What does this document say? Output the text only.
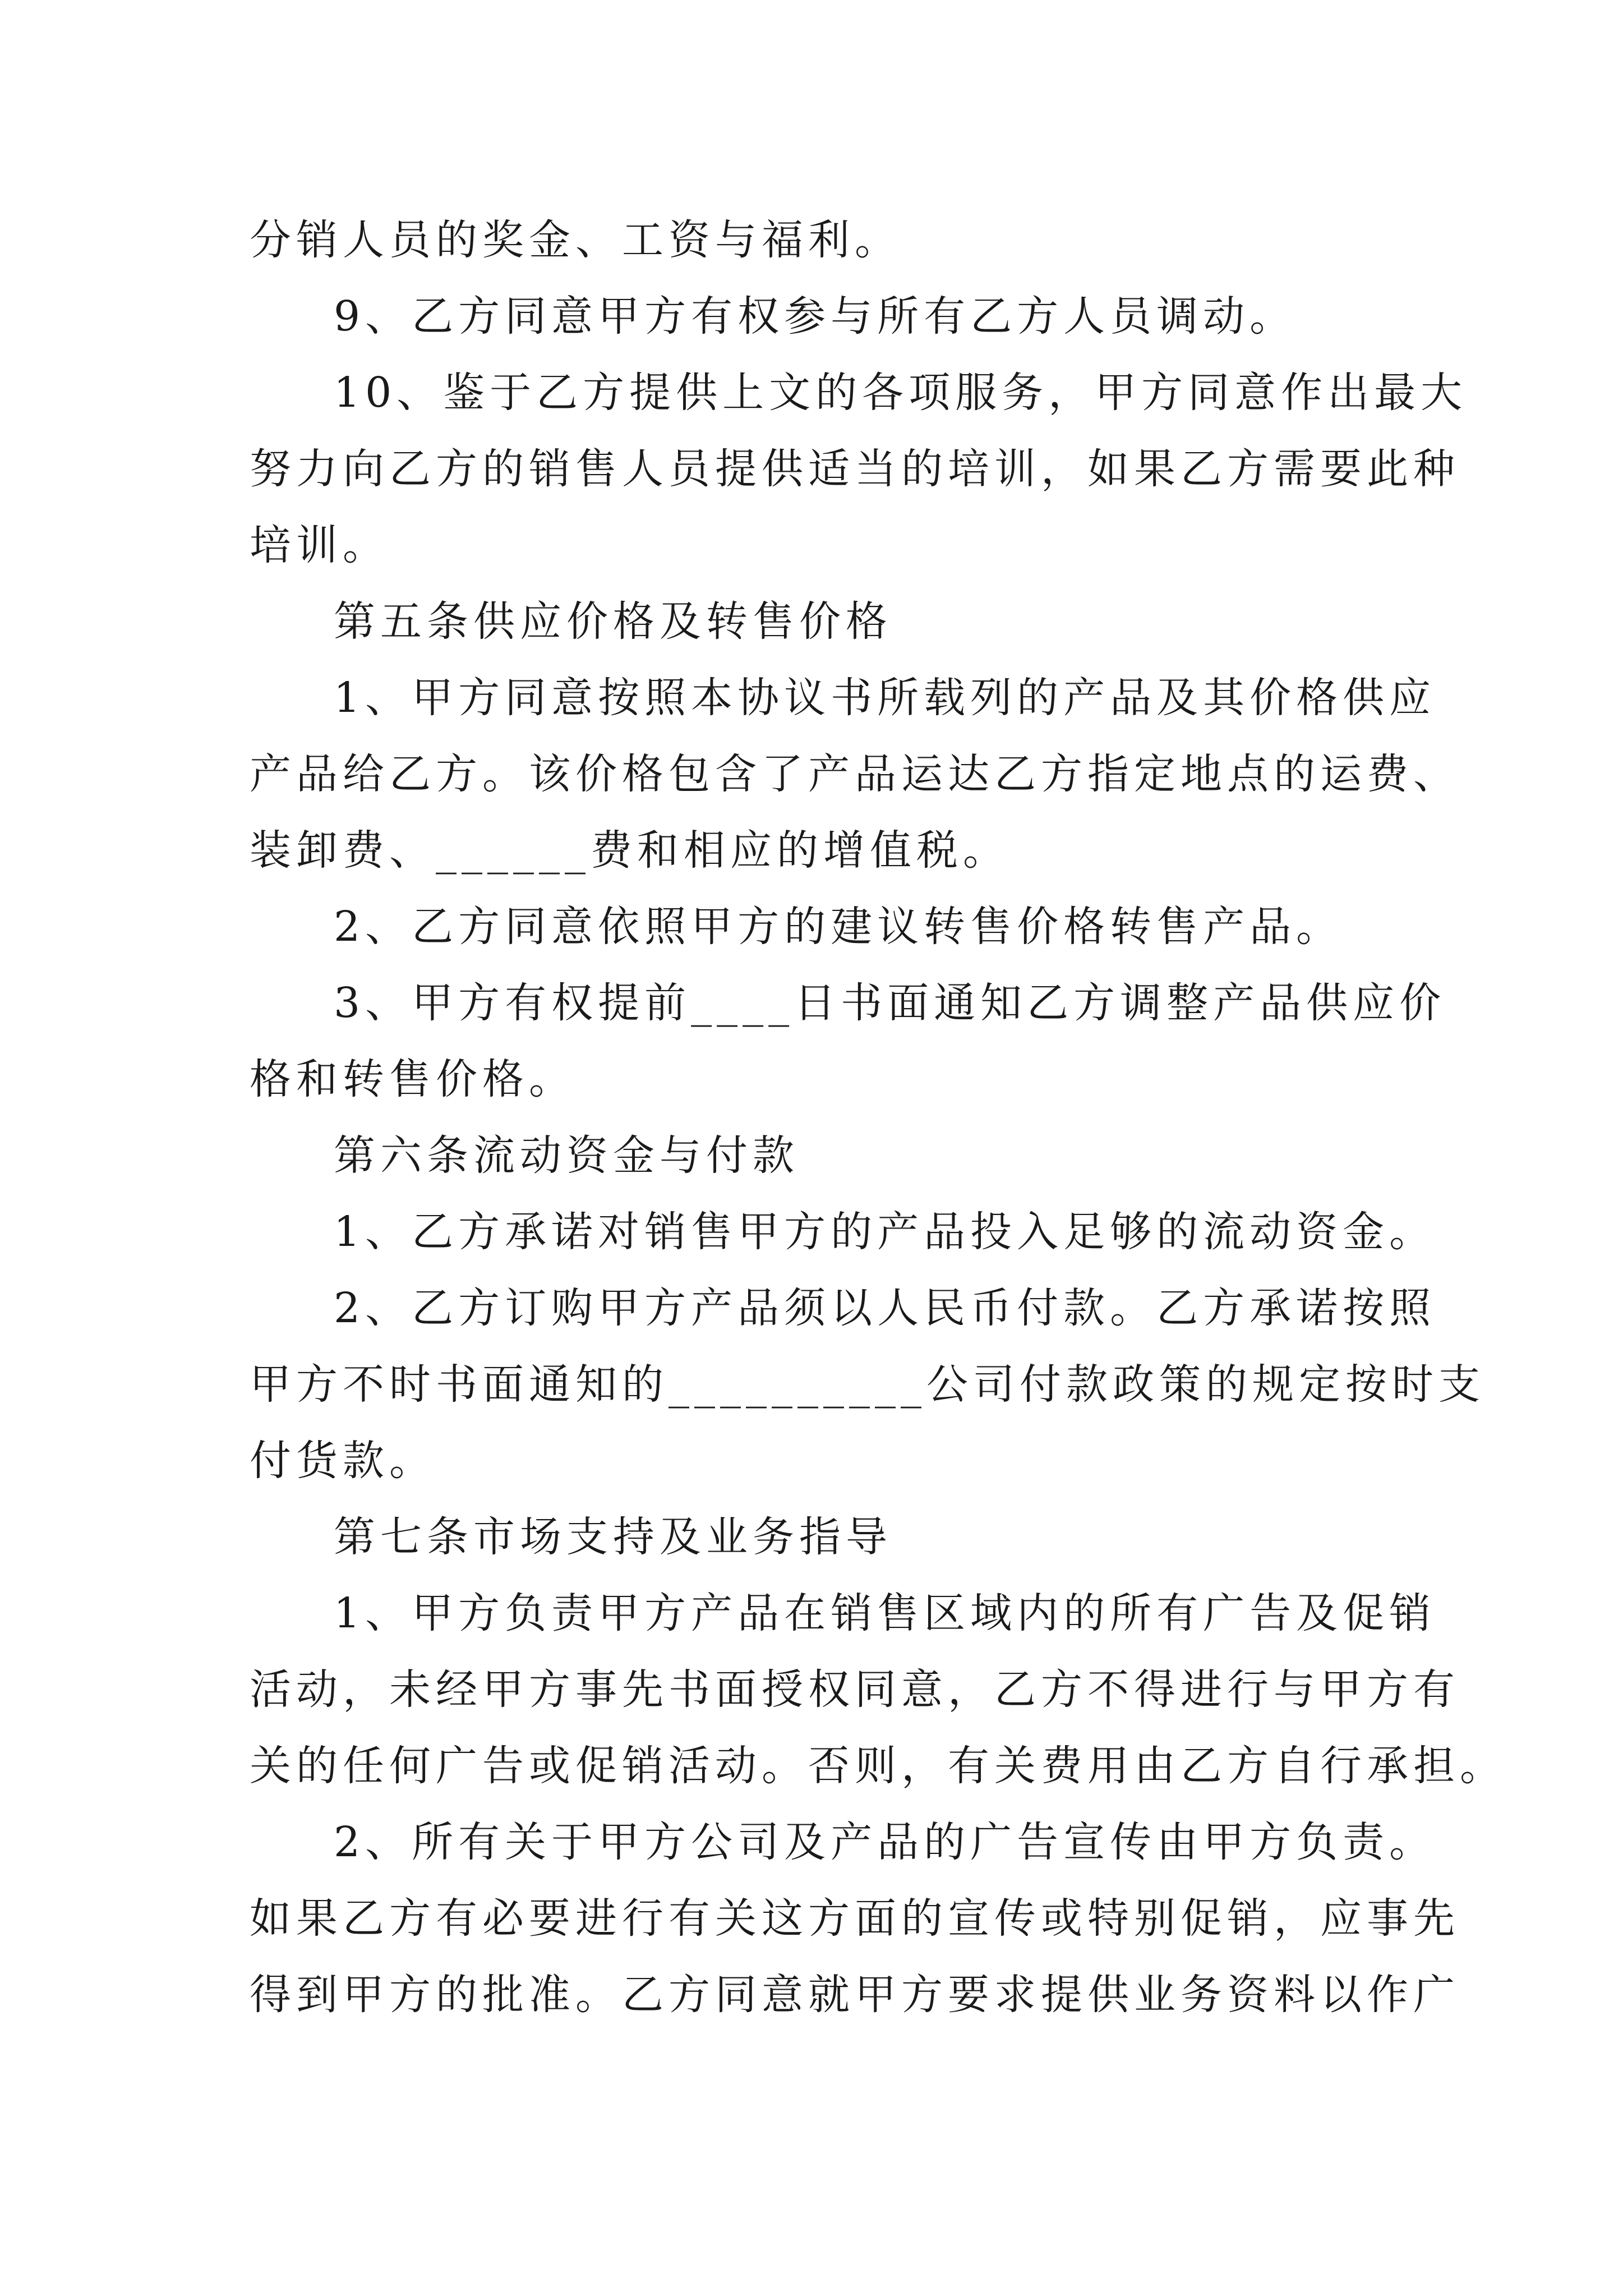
分销人员的奖金、工资与福利。
9、乙方同意甲方有权参与所有乙方人员调动。
10、鉴于乙方提供上文的各项服务，甲方同意作出最大
努力向乙方的销售人员提供适当的培训，如果乙方需要此种
培训。
第五条供应价格及转售价格
1、甲方同意按照本协议书所载列的产品及其价格供应
产品给乙方。该价格包含了产品运达乙方指定地点的运费、
装卸费、______费和相应的增值税。
2、乙方同意依照甲方的建议转售价格转售产品。
3、甲方有权提前____日书面通知乙方调整产品供应价
格和转售价格。
第六条流动资金与付款
1、乙方承诺对销售甲方的产品投入足够的流动资金。
2、乙方订购甲方产品须以人民币付款。乙方承诺按照
甲方不时书面通知的__________公司付款政策的规定按时支
付货款。
第七条市场支持及业务指导
1、甲方负责甲方产品在销售区域内的所有广告及促销
活动，未经甲方事先书面授权同意，乙方不得进行与甲方有
关的任何广告或促销活动。否则，有关费用由乙方自行承担。
2、所有关于甲方公司及产品的广告宣传由甲方负责。
如果乙方有必要进行有关这方面的宣传或特别促销，应事先
得到甲方的批准。乙方同意就甲方要求提供业务资料以作广
